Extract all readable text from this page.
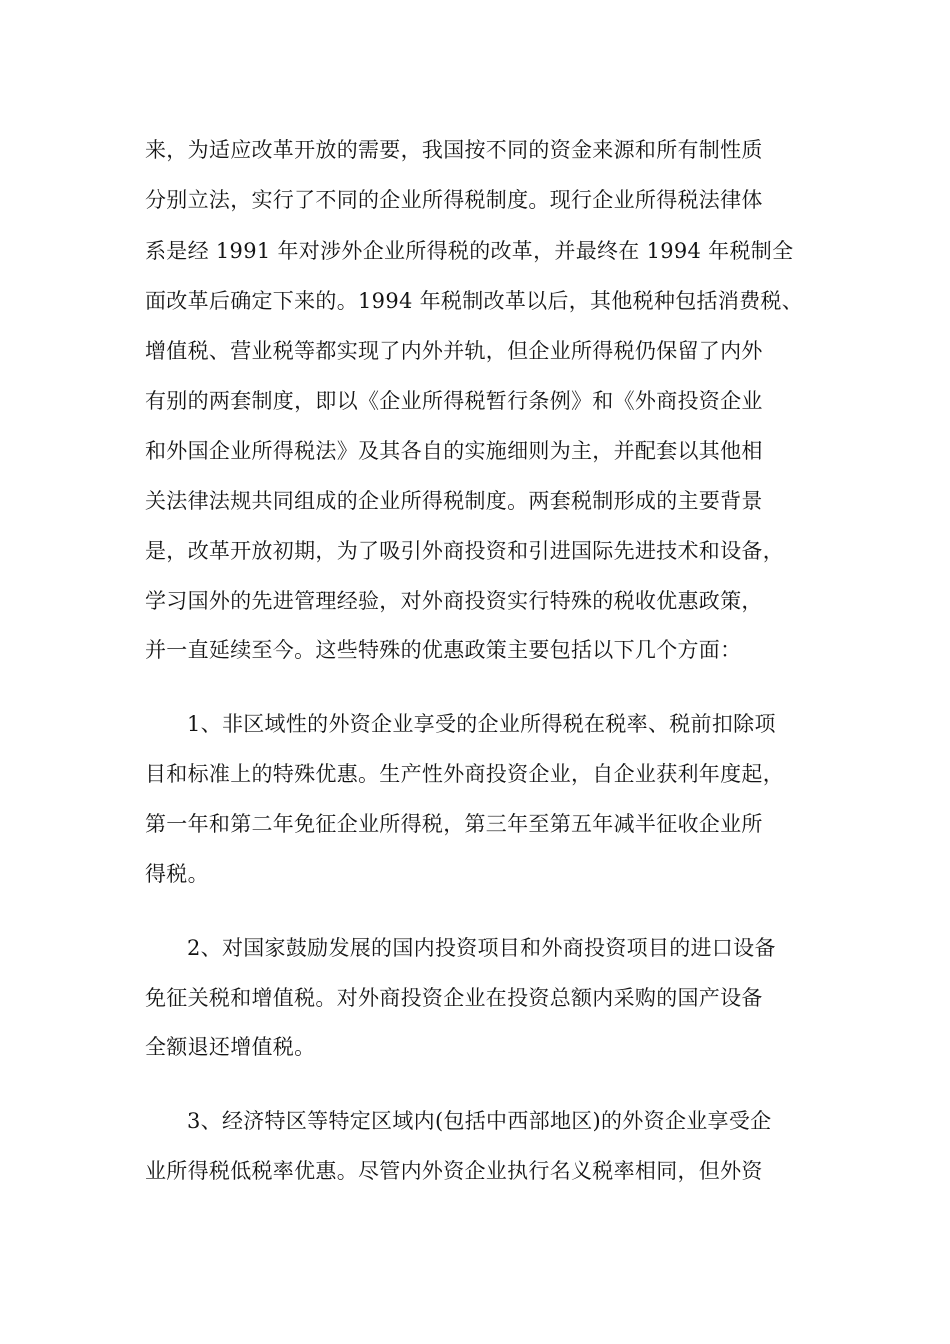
来，为适应改革开放的需要，我国按不同的资金来源和所有制性质
分别立法，实行了不同的企业所得税制度。现行企业所得税法律体
系是经 1991 年对涉外企业所得税的改革，并最终在 1994 年税制全
面改革后确定下来的。1994 年税制改革以后，其他税种包括消费税、
增值税、营业税等都实现了内外并轨，但企业所得税仍保留了内外
有别的两套制度，即以《企业所得税暂行条例》和《外商投资企业
和外国企业所得税法》及其各自的实施细则为主，并配套以其他相
关法律法规共同组成的企业所得税制度。两套税制形成的主要背景
是，改革开放初期，为了吸引外商投资和引进国际先进技术和设备，
学习国外的先进管理经验，对外商投资实行特殊的税收优惠政策，
并一直延续至今。这些特殊的优惠政策主要包括以下几个方面：
1、非区域性的外资企业享受的企业所得税在税率、税前扣除项
目和标准上的特殊优惠。生产性外商投资企业，自企业获利年度起，
第一年和第二年免征企业所得税，第三年至第五年减半征收企业所
得税。
2、对国家鼓励发展的国内投资项目和外商投资项目的进口设备
免征关税和增值税。对外商投资企业在投资总额内采购的国产设备
全额退还增值税。
3、经济特区等特定区域内(包括中西部地区)的外资企业享受企
业所得税低税率优惠。尽管内外资企业执行名义税率相同，但外资
